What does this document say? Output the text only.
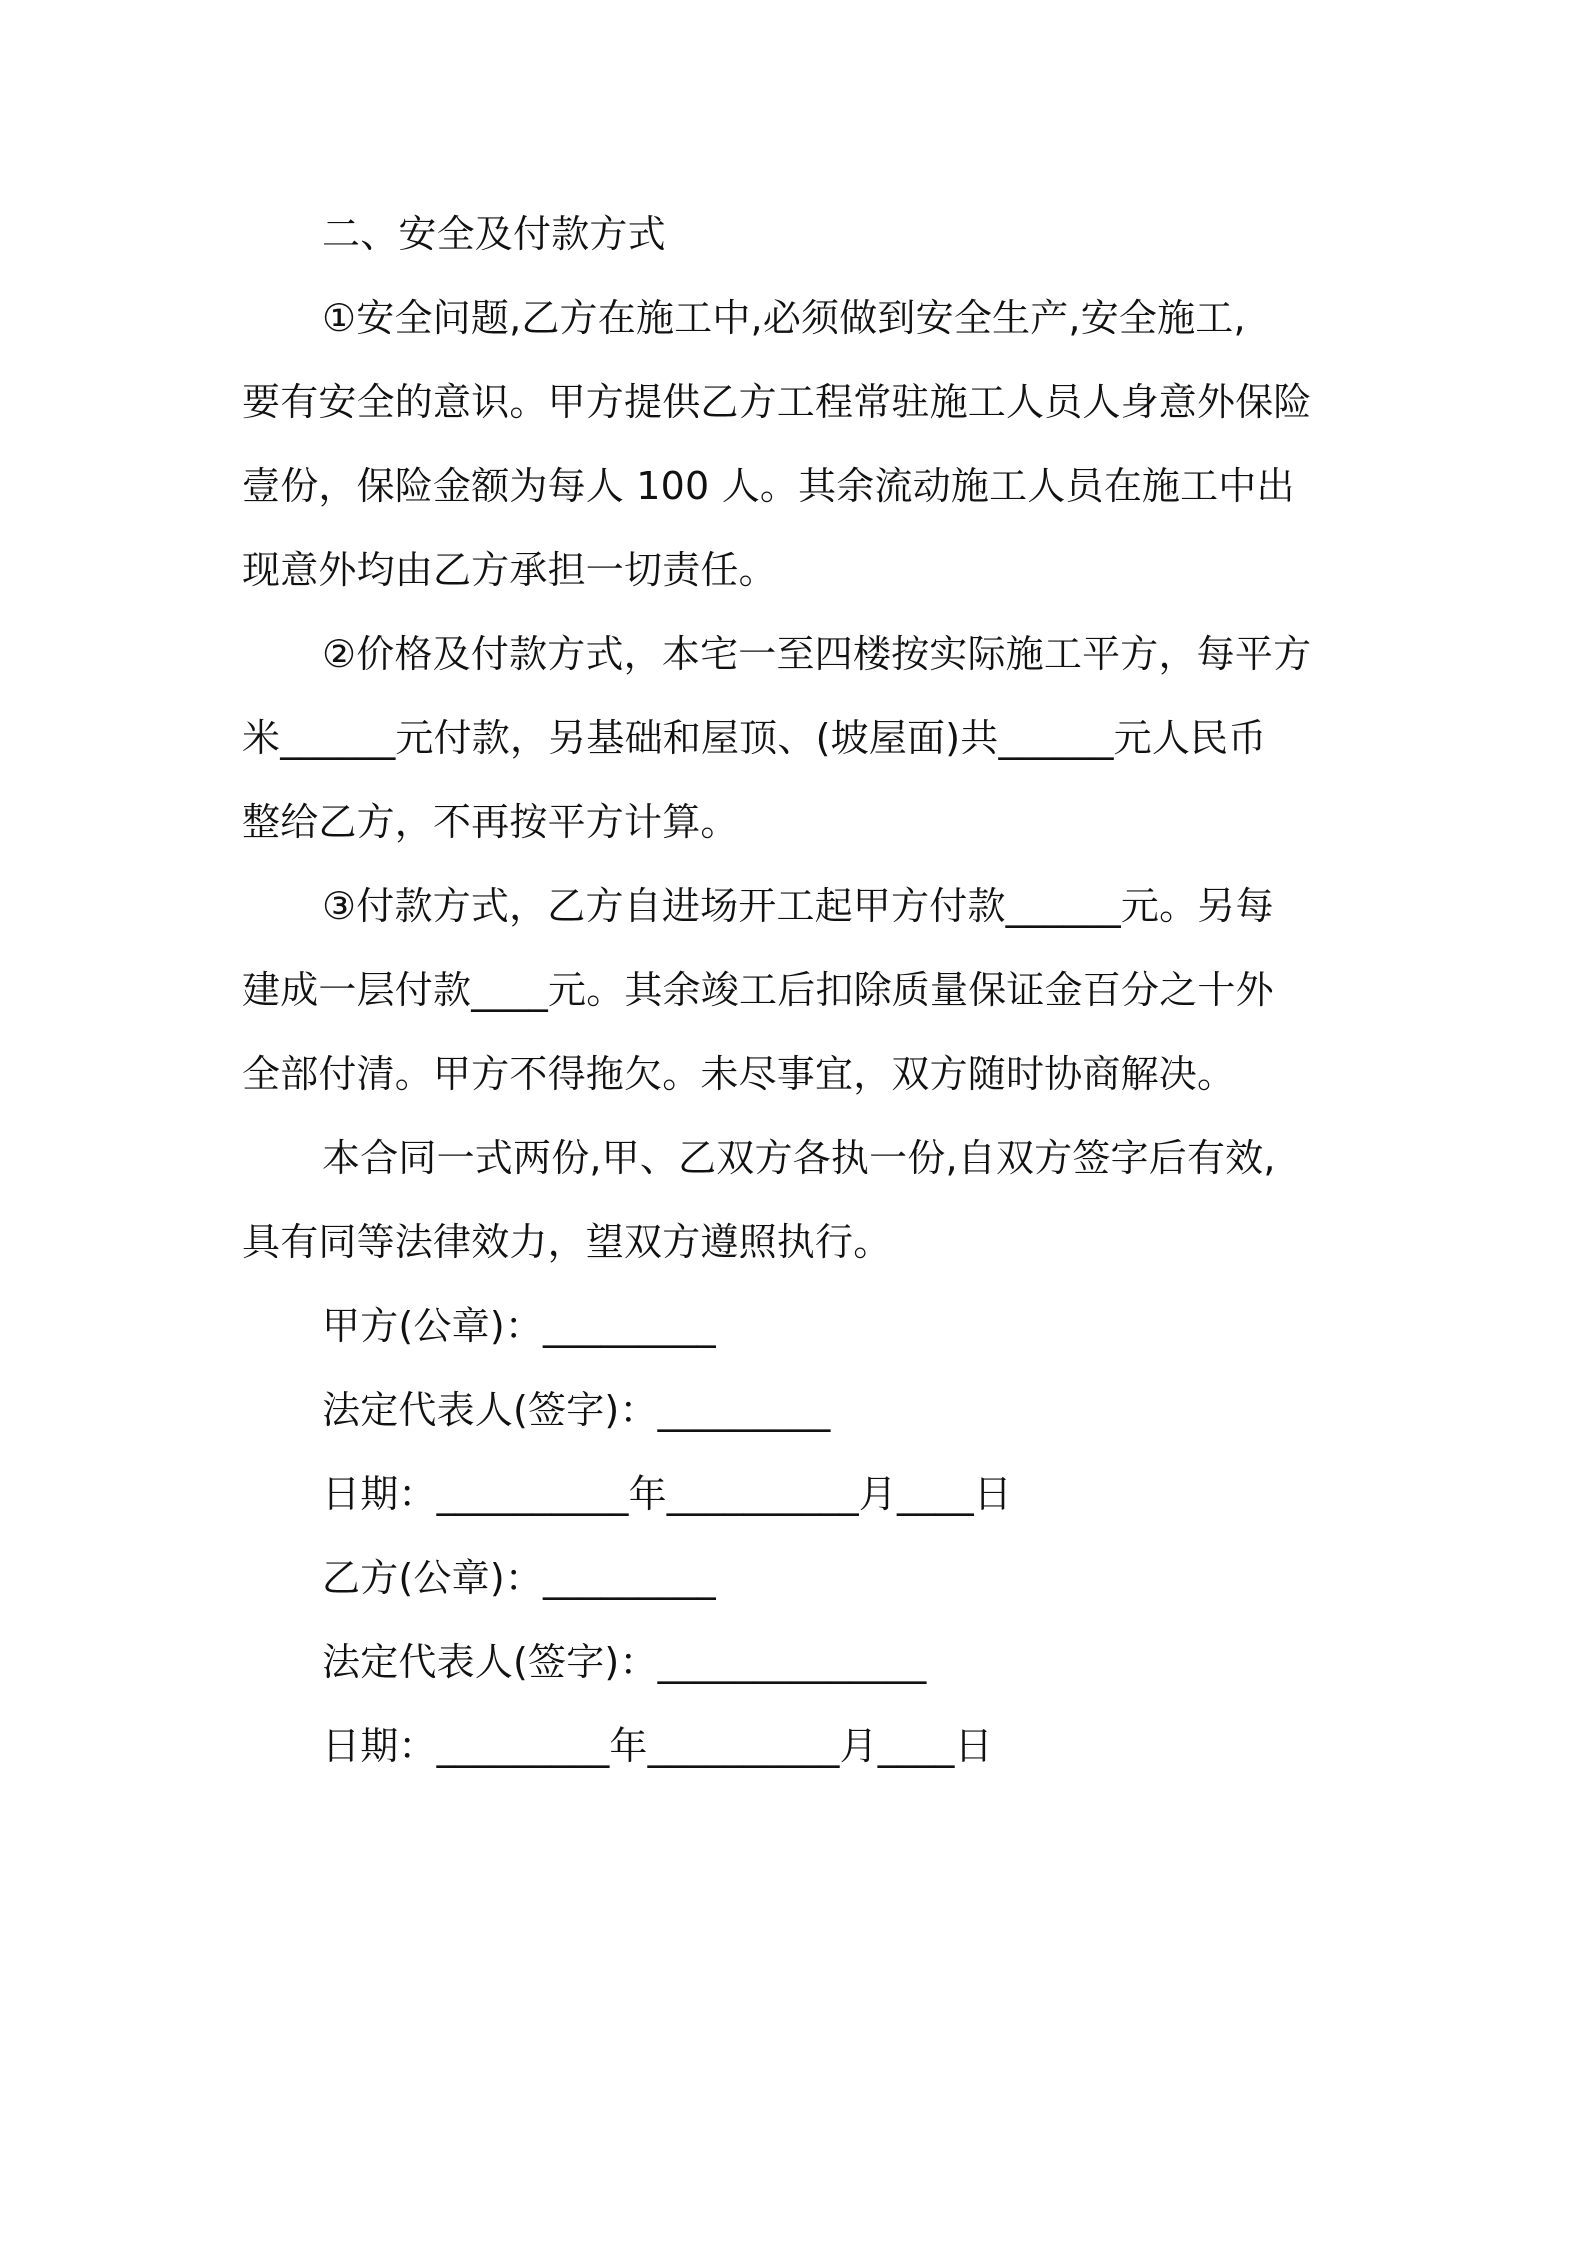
二、安全及付款方式
①安全问题,乙方在施工中,必须做到安全生产,安全施工,
要有安全的意识。甲方提供乙方工程常驻施工人员人身意外保险
壹份，保险金额为每人 100 人。其余流动施工人员在施工中出
现意外均由乙方承担一切责任。
②价格及付款方式，本宅一至四楼按实际施工平方，每平方
米______元付款，另基础和屋顶、(坡屋面)共______元人民币
整给乙方，不再按平方计算。
③付款方式，乙方自进场开工起甲方付款______元。另每
建成一层付款____元。其余竣工后扣除质量保证金百分之十外
全部付清。甲方不得拖欠。未尽事宜，双方随时协商解决。
本合同一式两份,甲、乙双方各执一份,自双方签字后有效,
具有同等法律效力，望双方遵照执行。
甲方(公章)：_________
法定代表人(签字)：_________
日期：__________年__________月____日
乙方(公章)：_________
法定代表人(签字)：______________
日期：_________年__________月____日
